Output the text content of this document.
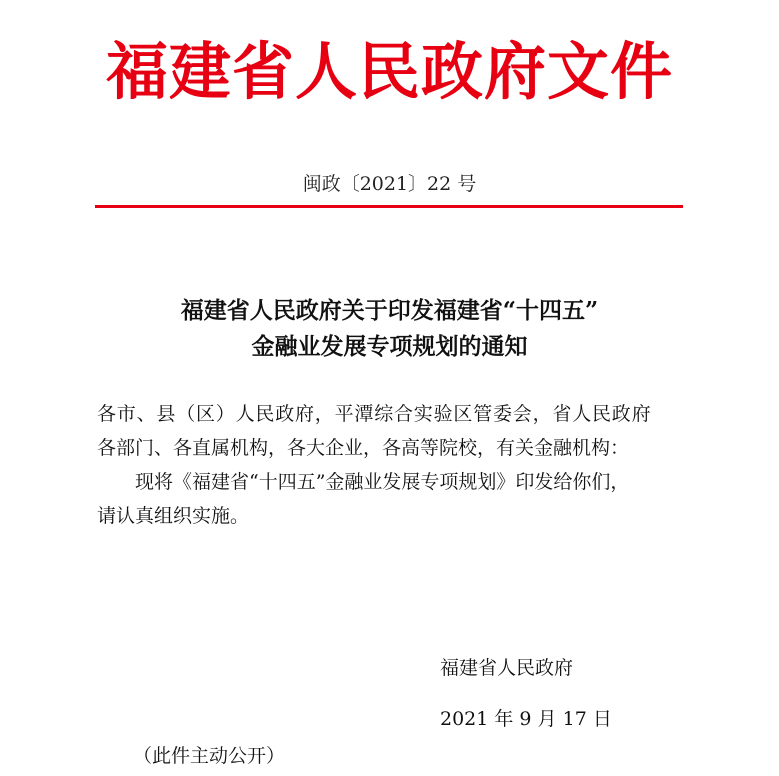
福建省人民政府文件
闽政〔2021〕22 号
福建省人民政府关于印发福建省“十四五”
金融业发展专项规划的通知
各市、县（区）人民政府，平潭综合实验区管委会，省人民政府
各部门、各直属机构，各大企业，各高等院校，有关金融机构：
现将《福建省“十四五”金融业发展专项规划》印发给你们，
请认真组织实施。
福建省人民政府
2021 年 9 月 17 日
（此件主动公开）
